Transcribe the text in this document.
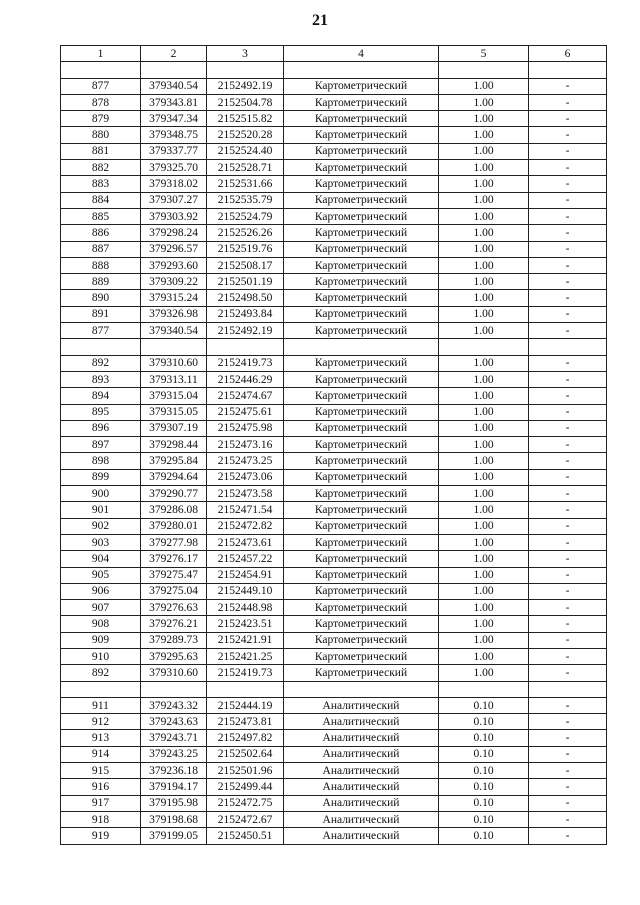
21
1	2	3	4	5	6

877	379340.54	2152492.19	Картометрический	1.00	-
878	379343.81	2152504.78	Картометрический	1.00	-
879	379347.34	2152515.82	Картометрический	1.00	-
880	379348.75	2152520.28	Картометрический	1.00	-
881	379337.77	2152524.40	Картометрический	1.00	-
882	379325.70	2152528.71	Картометрический	1.00	-
883	379318.02	2152531.66	Картометрический	1.00	-
884	379307.27	2152535.79	Картометрический	1.00	-
885	379303.92	2152524.79	Картометрический	1.00	-
886	379298.24	2152526.26	Картометрический	1.00	-
887	379296.57	2152519.76	Картометрический	1.00	-
888	379293.60	2152508.17	Картометрический	1.00	-
889	379309.22	2152501.19	Картометрический	1.00	-
890	379315.24	2152498.50	Картометрический	1.00	-
891	379326.98	2152493.84	Картометрический	1.00	-
877	379340.54	2152492.19	Картометрический	1.00	-

892	379310.60	2152419.73	Картометрический	1.00	-
893	379313.11	2152446.29	Картометрический	1.00	-
894	379315.04	2152474.67	Картометрический	1.00	-
895	379315.05	2152475.61	Картометрический	1.00	-
896	379307.19	2152475.98	Картометрический	1.00	-
897	379298.44	2152473.16	Картометрический	1.00	-
898	379295.84	2152473.25	Картометрический	1.00	-
899	379294.64	2152473.06	Картометрический	1.00	-
900	379290.77	2152473.58	Картометрический	1.00	-
901	379286.08	2152471.54	Картометрический	1.00	-
902	379280.01	2152472.82	Картометрический	1.00	-
903	379277.98	2152473.61	Картометрический	1.00	-
904	379276.17	2152457.22	Картометрический	1.00	-
905	379275.47	2152454.91	Картометрический	1.00	-
906	379275.04	2152449.10	Картометрический	1.00	-
907	379276.63	2152448.98	Картометрический	1.00	-
908	379276.21	2152423.51	Картометрический	1.00	-
909	379289.73	2152421.91	Картометрический	1.00	-
910	379295.63	2152421.25	Картометрический	1.00	-
892	379310.60	2152419.73	Картометрический	1.00	-

911	379243.32	2152444.19	Аналитический	0.10	-
912	379243.63	2152473.81	Аналитический	0.10	-
913	379243.71	2152497.82	Аналитический	0.10	-
914	379243.25	2152502.64	Аналитический	0.10	-
915	379236.18	2152501.96	Аналитический	0.10	-
916	379194.17	2152499.44	Аналитический	0.10	-
917	379195.98	2152472.75	Аналитический	0.10	-
918	379198.68	2152472.67	Аналитический	0.10	-
919	379199.05	2152450.51	Аналитический	0.10	-
